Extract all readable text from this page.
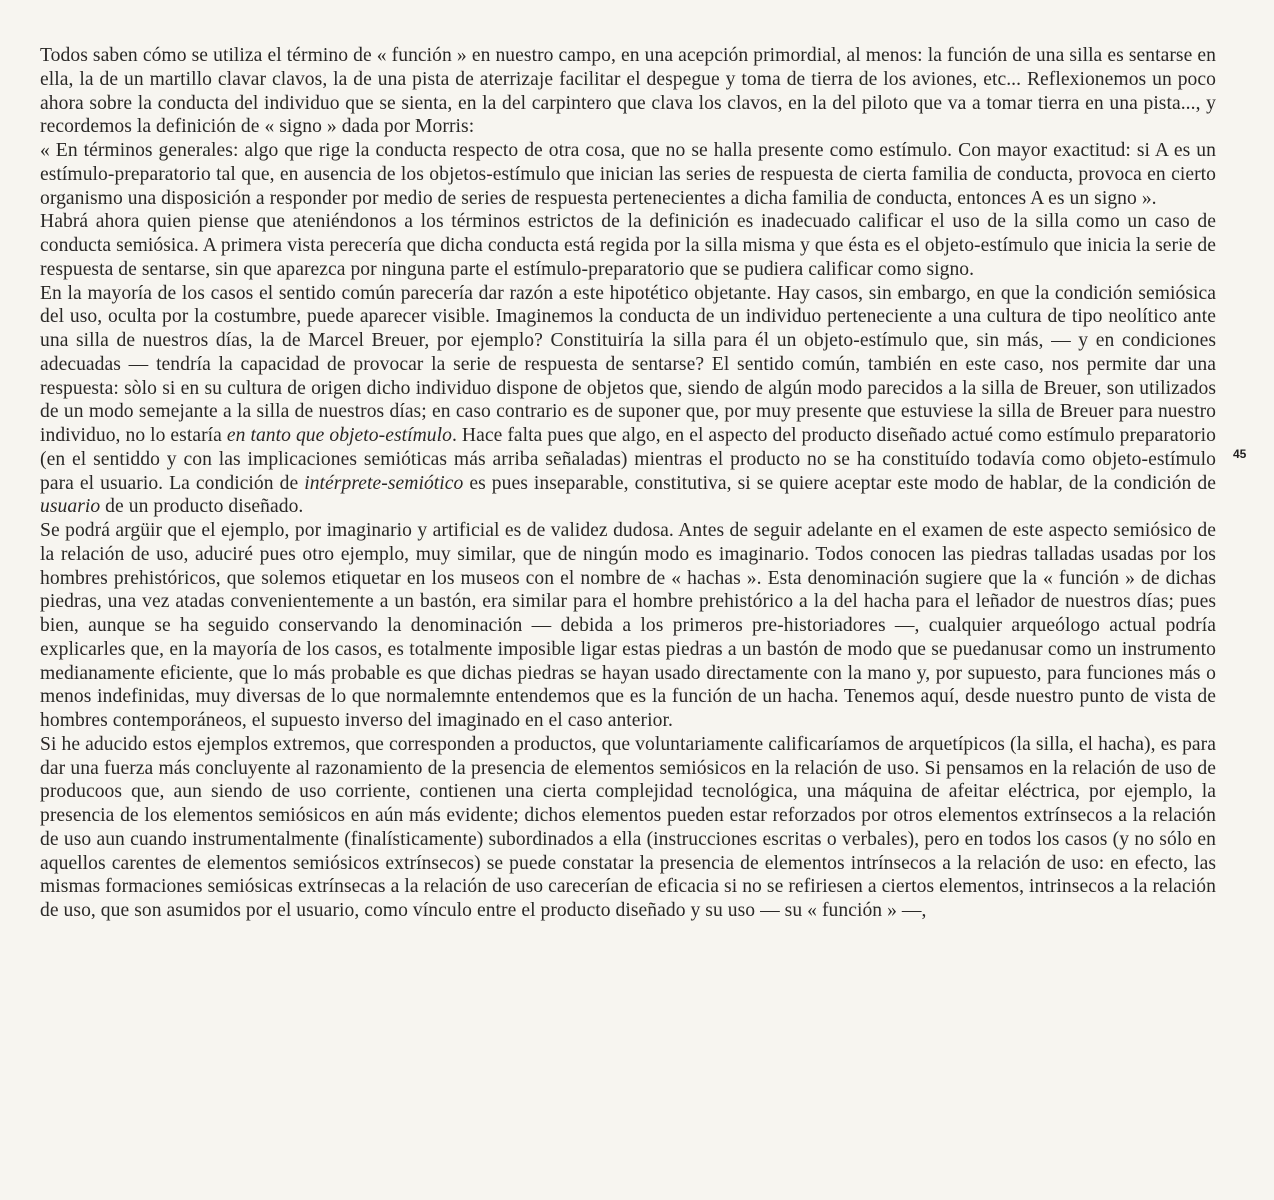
Todos saben cómo se utiliza el término de « función » en nuestro campo, en una acepción primordial, al menos: la función de una silla es sentarse en ella, la de un martillo clavar clavos, la de una pista de aterrizaje facilitar el despegue y toma de tierra de los aviones, etc... Reflexionemos un poco ahora sobre la conducta del individuo que se sienta, en la del carpintero que clava los clavos, en la del piloto que va a tomar tierra en una pista..., y recordemos la definición de « signo » dada por Morris:

« En términos generales: algo que rige la conducta respecto de otra cosa, que no se halla presente como estímulo. Con mayor exactitud: si A es un estímulo-preparatorio tal que, en ausencia de los objetos-estímulo que inician las series de respuesta de cierta familia de conducta, provoca en cierto organismo una disposición a responder por medio de series de respuesta pertenecientes a dicha familia de conducta, entonces A es un signo ».

Habrá ahora quien piense que ateniéndonos a los términos estrictos de la definición es inadecuado calificar el uso de la silla como un caso de conducta semiósica. A primera vista perecería que dicha conducta está regida por la silla misma y que ésta es el objeto-estímulo que inicia la serie de respuesta de sentarse, sin que aparezca por ninguna parte el estímulo-preparatorio que se pudiera calificar como signo.

En la mayoría de los casos el sentido común parecería dar razón a este hipotético objetante. Hay casos, sin embargo, en que la condición semiósica del uso, oculta por la costumbre, puede aparecer visible. Imaginemos la conducta de un individuo perteneciente a una cultura de tipo neolítico ante una silla de nuestros días, la de Marcel Breuer, por ejemplo? Constituiría la silla para él un objeto-estímulo que, sin más, — y en condiciones adecuadas — tendría la capacidad de provocar la serie de respuesta de sentarse? El sentido común, también en este caso, nos permite dar una respuesta: sòlo si en su cultura de origen dicho individuo dispone de objetos que, siendo de algún modo parecidos a la silla de Breuer, son utilizados de un modo semejante a la silla de nuestros días; en caso contrario es de suponer que, por muy presente que estuviese la silla de Breuer para nuestro individuo, no lo estaría en tanto que objeto-estímulo. Hace falta pues que algo, en el aspecto del producto diseñado actué como estímulo preparatorio (en el sentiddo y con las implicaciones semióticas más arriba señaladas) mientras el producto no se ha constituído todavía como objeto-estímulo para el usuario. La condición de intérprete-semiótico es pues inseparable, constitutiva, si se quiere aceptar este modo de hablar, de la condición de usuario de un producto diseñado.

Se podrá argüir que el ejemplo, por imaginario y artificial es de validez dudosa. Antes de seguir adelante en el examen de este aspecto semiósico de la relación de uso, aduciré pues otro ejemplo, muy similar, que de ningún modo es imaginario. Todos conocen las piedras talladas usadas por los hombres prehistóricos, que solemos etiquetar en los museos con el nombre de « hachas ». Esta denominación sugiere que la « función » de dichas piedras, una vez atadas convenientemente a un bastón, era similar para el hombre prehistórico a la del hacha para el leñador de nuestros días; pues bien, aunque se ha seguido conservando la denominación — debida a los primeros pre-historiadores —, cualquier arqueólogo actual podría explicarles que, en la mayoría de los casos, es totalmente imposible ligar estas piedras a un bastón de modo que se puedanusar como un instrumento medianamente eficiente, que lo más probable es que dichas piedras se hayan usado directamente con la mano y, por supuesto, para funciones más o menos indefinidas, muy diversas de lo que normalemnte entendemos que es la función de un hacha. Tenemos aquí, desde nuestro punto de vista de hombres contemporáneos, el supuesto inverso del imaginado en el caso anterior.

Si he aducido estos ejemplos extremos, que corresponden a productos, que voluntariamente calificaríamos de arquetípicos (la silla, el hacha), es para dar una fuerza más concluyente al razonamiento de la presencia de elementos semiósicos en la relación de uso. Si pensamos en la relación de uso de producoos que, aun siendo de uso corriente, contienen una cierta complejidad tecnológica, una máquina de afeitar eléctrica, por ejemplo, la presencia de los elementos semiósicos en aún más evidente; dichos elementos pueden estar reforzados por otros elementos extrínsecos a la relación de uso aun cuando instrumentalmente (finalísticamente) subordinados a ella (instrucciones escritas o verbales), pero en todos los casos (y no sólo en aquellos carentes de elementos semiósicos extrínsecos) se puede constatar la presencia de elementos intrínsecos a la relación de uso: en efecto, las mismas formaciones semiósicas extrínsecas a la relación de uso carecerían de eficacia si no se refiriesen a ciertos elementos, intrinsecos a la relación de uso, que son asumidos por el usuario, como vínculo entre el producto diseñado y su uso — su « función » —,

45
